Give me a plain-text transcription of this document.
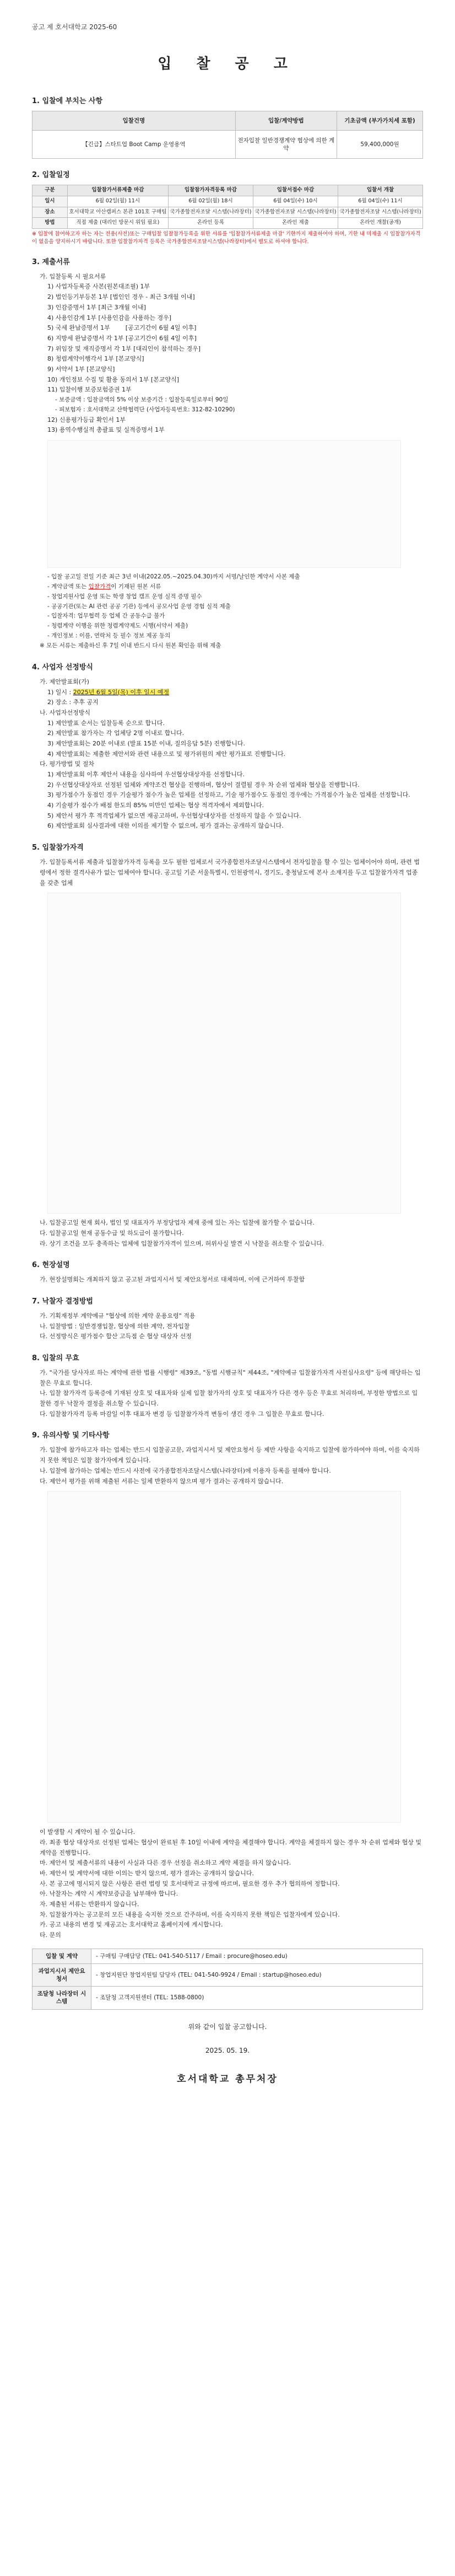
공고 제 호서대학교 2025-60

입 찰 공 고
1. 입찰에 부치는 사항
입찰건명	입찰/계약방법	기초금액 (부가가치세 포함)
【긴급】스타트업 Boot Camp 운영용역	전자입찰 일반경쟁계약 협상에 의한 계약	59,400,000원
2. 입찰일정
구분	입찰참가서류제출 마감	입찰참가자격등록 마감	입찰서접수 마감	입찰서 개찰
일시	6월 02일(월) 11시	6월 02일(월) 18시	6월 04일(수) 10시	6월 04일(수) 11시
장소	호서대학교 아산캠퍼스 본관 101호 구매팀	국가종합전자조달 시스템(나라장터)	국가종합전자조달 시스템(나라장터)	국가종합전자조달 시스템(나라장터)
방법	직접 제출 (대리인 방문시 위임 필요)	온라인 등록	온라인 제출	온라인 개찰(공개)

※ 입찰에 참여하고자 하는 자는 전용(사전)또는 구매입찰 입찰참가등록을 위한 서류를 '입찰참가서류제출 마감' 기한까지 제출하여야 하며, 기한 내 미제출 시 입찰참가자격이 없음을 양지하시기 바랍니다. 또한 입찰참가자격 등록은 국가종합전자조달시스템(나라장터)에서 별도로 하셔야 합니다.

3. 제출서류

가. 입찰등록 시 필요서류

1) 사업자등록증 사본(원본대조필) 1부

2) 법인등기부등본 1부 [법인인 경우 - 최근 3개월 이내]

3) 인감증명서 1부 [최근 3개월 이내]

4) 사용인감계 1부 [사용인감을 사용하는 경우]

5) 국세 완납증명서 1부        [공고기간이 6월 4일 이후]

6) 지방세 완납증명서 각 1부 [공고기간이 6월 4일 이후]

7) 위임장 및 재직증명서 각 1부 [대리인이 참석하는 경우]

8) 청렴계약이행각서 1부 [본교양식]

9) 서약서 1부 [본교양식]

10) 개인정보 수집 및 활용 동의서 1부 [본교양식]

11) 입찰이행 보증보험증권 1부

- 보증금액 : 입찰금액의 5% 이상 보증기간 : 입찰등록일로부터 90일

- 피보험자 : 호서대학교 산학협력단 (사업자등록번호: 312-82-10290)

12) 신용평가등급 확인서 1부

13) 용역수행실적 총괄표 및 실적증명서 1부

- 입찰 공고일 전일 기준 최근 3년 이내(2022.05.~2025.04.30)까지 서명/날인한 계약서 사본 제출

- 계약금액 또는 입찰가격이 기재된 원본 서류

- 창업지원사업 운영 또는 학생 창업 캠프 운영 실적 증명 필수

- 공공기관(또는 AI 관련 공공 기관) 등에서 공모사업 운영 경험 실적 제출

- 입찰자격: 업무협력 등 업체 간 공동수급 불가

- 청렴계약 이행을 위한 청렴계약제도 시행(서약서 제출)

- 개인정보 : 이름, 연락처 등 필수 정보 제공 동의

※ 모든 서류는 제출하신 후 7일 이내 반드시 다시 원본 확인을 위해 제출

4. 사업자 선정방식

가. 제안발표회(가)

1) 일시 : 2025년 6월 5일(목) 이후 일시 예정

2) 장소 : 추후 공지

나. 사업자선정방식

1) 제안발표 순서는 입찰등록 순으로 합니다.

2) 제안발표 참가자는 각 업체당 2명 이내로 합니다.

3) 제안발표회는 20분 이내로 (발표 15분 이내, 질의응답 5분) 진행합니다.

4) 제안발표회는 제출한 제안서와 관련 내용으로 및 평가위원의 제안 평가표로 진행합니다.

다. 평가방법 및 절차

1) 제안발표회 이후 제안서 내용을 심사하여 우선협상대상자를 선정합니다.

2) 우선협상대상자로 선정된 업체와 계약조건 협상을 진행하며, 협상이 결렬될 경우 차 순위 업체와 협상을 진행합니다.

3) 평가점수가 동점인 경우 기술평가 점수가 높은 업체를 선정하고, 기술 평가점수도 동점인 경우에는 가격점수가 높은 업체를 선정합니다.

4) 기술평가 점수가 배점 한도의 85% 미만인 업체는 협상 적격자에서 제외합니다.

5) 제안서 평가 후 적격업체가 없으면 재공고하며, 우선협상대상자를 선정하지 않을 수 있습니다.

6) 제안발표회 심사결과에 대한 이의를 제기할 수 없으며, 평가 결과는 공개하지 않습니다.

5. 입찰참가자격

가. 입찰등록서류 제출과 입찰참가자격 등록을 모두 필한 업체로서 국가종합전자조달시스템에서 전자입찰을 할 수 있는 업체이어야 하며, 관련 법령에서 정한 결격사유가 없는 업체여야 합니다. 공고일 기준 서울특별시, 인천광역시, 경기도, 충청남도에 본사 소재지를 두고 입찰참가자격 업종을 갖춘 업체

나. 입찰공고일 현재 회사, 법인 및 대표자가 부정당업자 제재 중에 있는 자는 입찰에 참가할 수 없습니다.

다. 입찰공고일 현재 공동수급 및 하도급이 불가합니다.

라. 상기 조건을 모두 충족하는 업체에 입찰참가자격이 있으며, 허위사실 발견 시 낙찰을 취소할 수 있습니다.

6. 현장설명

가. 현장설명회는 개최하지 않고 공고된 과업지시서 및 제안요청서로 대체하며, 이에 근거하여 투찰함

7. 낙찰자 결정방법

가. 기획재정부 계약예규 "협상에 의한 계약 운용요령" 적용

나. 입찰방법 : 일반경쟁입찰, 협상에 의한 계약, 전자입찰

다. 선정방식은 평가점수 합산 고득점 순 협상 대상자 선정

8. 입찰의 무효

가. "국가를 당사자로 하는 계약에 관한 법률 시행령" 제39조, "동법 시행규칙" 제44조, "계약예규 입찰참가자격 사전심사요령" 등에 해당하는 입찰은 무효로 합니다.

나. 입찰 참가자격 등록증에 기재된 상호 및 대표자와 실제 입찰 참가자의 상호 및 대표자가 다른 경우 등은 무효로 처리하며, 부정한 방법으로 입찰한 경우 낙찰자 결정을 취소할 수 있습니다.

다. 입찰참가자격 등록 마감일 이후 대표자 변경 등 입찰참가자격 변동이 생긴 경우 그 입찰은 무효로 합니다.

9. 유의사항 및 기타사항

가. 입찰에 참가하고자 하는 업체는 반드시 입찰공고문, 과업지시서 및 제안요청서 등 제반 사항을 숙지하고 입찰에 참가하여야 하며, 이를 숙지하지 못한 책임은 입찰 참가자에게 있습니다.

나. 입찰에 참가하는 업체는 반드시 사전에 국가종합전자조달시스템(나라장터)에 이용자 등록을 필해야 합니다.

다. 제안서 평가를 위해 제출된 서류는 일체 반환하지 않으며 평가 결과는 공개하지 않습니다.

이 발생할 시 계약이 될 수 있습니다.

라. 최종 협상 대상자로 선정된 업체는 협상이 완료된 후 10일 이내에 계약을 체결해야 합니다. 계약을 체결하지 않는 경우 차 순위 업체와 협상 및 계약을 진행합니다.

마. 제안서 및 제출서류의 내용이 사실과 다른 경우 선정을 취소하고 계약 체결을 하지 않습니다.

바. 제안서 및 계약서에 대한 이의는 받지 않으며, 평가 결과는 공개하지 않습니다.

사. 본 공고에 명시되지 않은 사항은 관련 법령 및 호서대학교 규정에 따르며, 필요한 경우 추가 협의하여 정합니다.

아. 낙찰자는 계약 시 계약보증금을 납부해야 합니다.

자. 제출된 서류는 반환하지 않습니다.

차. 입찰참가자는 공고문의 모든 내용을 숙지한 것으로 간주하며, 이를 숙지하지 못한 책임은 입찰자에게 있습니다.

카. 공고 내용의 변경 및 재공고는 호서대학교 홈페이지에 게시합니다.

타. 문의

입찰 및 계약	- 구매팀 구매담당 (TEL: 041-540-5117 / Email : procure@hoseo.edu)
과업지시서 제안요청서	- 창업지원단 창업지원팀 담당자 (TEL: 041-540-9924 / Email : startup@hoseo.edu)
조달청 나라장터 시스템	- 조달청 고객지원센터 (TEL: 1588-0800)
위와 같이 입찰 공고합니다.
2025. 05. 19.
호서대학교 총무처장
